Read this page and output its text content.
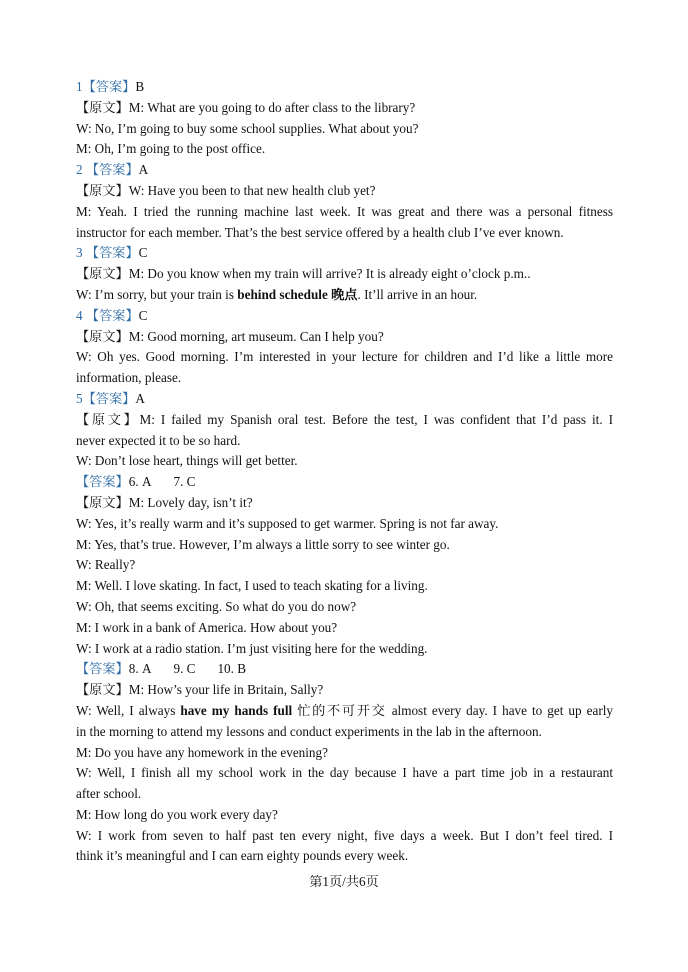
1【答案】B
【原文】M: What are you going to do after class to the library?
W: No, I’m going to buy some school supplies. What about you?
M: Oh, I’m going to the post office.
2 【答案】A
【原文】W: Have you been to that new health club yet?
M: Yeah. I tried the running machine last week. It was great and there was a personal fitness
instructor for each member. That’s the best service offered by a health club I’ve ever known.
3 【答案】C
【原文】M: Do you know when my train will arrive? It is already eight o’clock p.m..
W: I’m sorry, but your train is behind schedule 晚点. It’ll arrive in an hour.
4 【答案】C
【原文】M: Good morning, art museum. Can I help you?
W: Oh yes. Good morning. I’m interested in your lecture for children and I’d like a little more
information, please.
5【答案】A
【原文】M: I failed my Spanish oral test. Before the test, I was confident that I’d pass it. I
never expected it to be so hard.
W: Don’t lose heart, things will get better.
【答案】6. A 7. C
【原文】M: Lovely day, isn’t it?
W: Yes, it’s really warm and it’s supposed to get warmer. Spring is not far away.
M: Yes, that’s true. However, I’m always a little sorry to see winter go.
W: Really?
M: Well. I love skating. In fact, I used to teach skating for a living.
W: Oh, that seems exciting. So what do you do now?
M: I work in a bank of America. How about you?
W: I work at a radio station. I’m just visiting here for the wedding.
【答案】8. A 9. C 10. B
【原文】M: How’s your life in Britain, Sally?
W: Well, I always have my hands full 忙的不可开交 almost every day. I have to get up early
in the morning to attend my lessons and conduct experiments in the lab in the afternoon.
M: Do you have any homework in the evening?
W: Well, I finish all my school work in the day because I have a part time job in a restaurant
after school.
M: How long do you work every day?
W: I work from seven to half past ten every night, five days a week. But I don’t feel tired. I
think it’s meaningful and I can earn eighty pounds every week.
第1页/共6页
